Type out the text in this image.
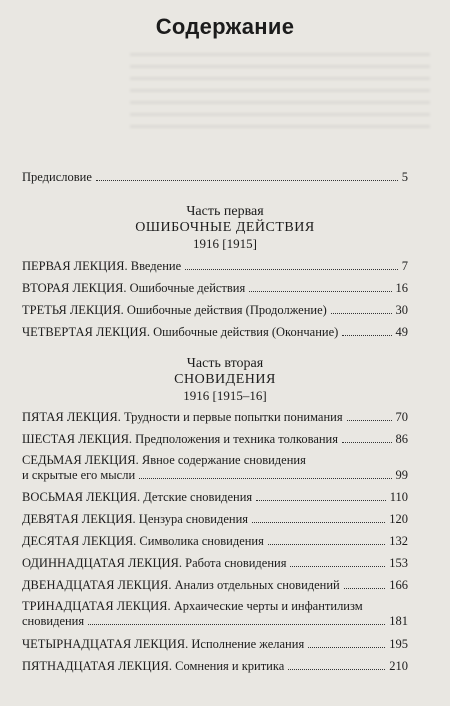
Содержание
Предисловие	5
Часть первая
ОШИБОЧНЫЕ ДЕЙСТВИЯ
1916 [1915]
ПЕРВАЯ ЛЕКЦИЯ. Введение	7
ВТОРАЯ ЛЕКЦИЯ. Ошибочные действия	16
ТРЕТЬЯ ЛЕКЦИЯ. Ошибочные действия (Продолжение)	30
ЧЕТВЕРТАЯ ЛЕКЦИЯ. Ошибочные действия (Окончание)	49
Часть вторая
СНОВИДЕНИЯ
1916 [1915–16]
ПЯТАЯ ЛЕКЦИЯ. Трудности и первые попытки понимания	70
ШЕСТАЯ ЛЕКЦИЯ. Предположения и техника толкования	86
СЕДЬМАЯ ЛЕКЦИЯ. Явное содержание сновидения
и скрытые его мысли	99
ВОСЬМАЯ ЛЕКЦИЯ. Детские сновидения	110
ДЕВЯТАЯ ЛЕКЦИЯ. Цензура сновидения	120
ДЕСЯТАЯ ЛЕКЦИЯ. Символика сновидения	132
ОДИННАДЦАТАЯ ЛЕКЦИЯ. Работа сновидения	153
ДВЕНАДЦАТАЯ ЛЕКЦИЯ. Анализ отдельных сновидений	166
ТРИНАДЦАТАЯ ЛЕКЦИЯ. Архаические черты и инфантилизм
сновидения	181
ЧЕТЫРНАДЦАТАЯ ЛЕКЦИЯ. Исполнение желания	195
ПЯТНАДЦАТАЯ ЛЕКЦИЯ. Сомнения и критика	210
